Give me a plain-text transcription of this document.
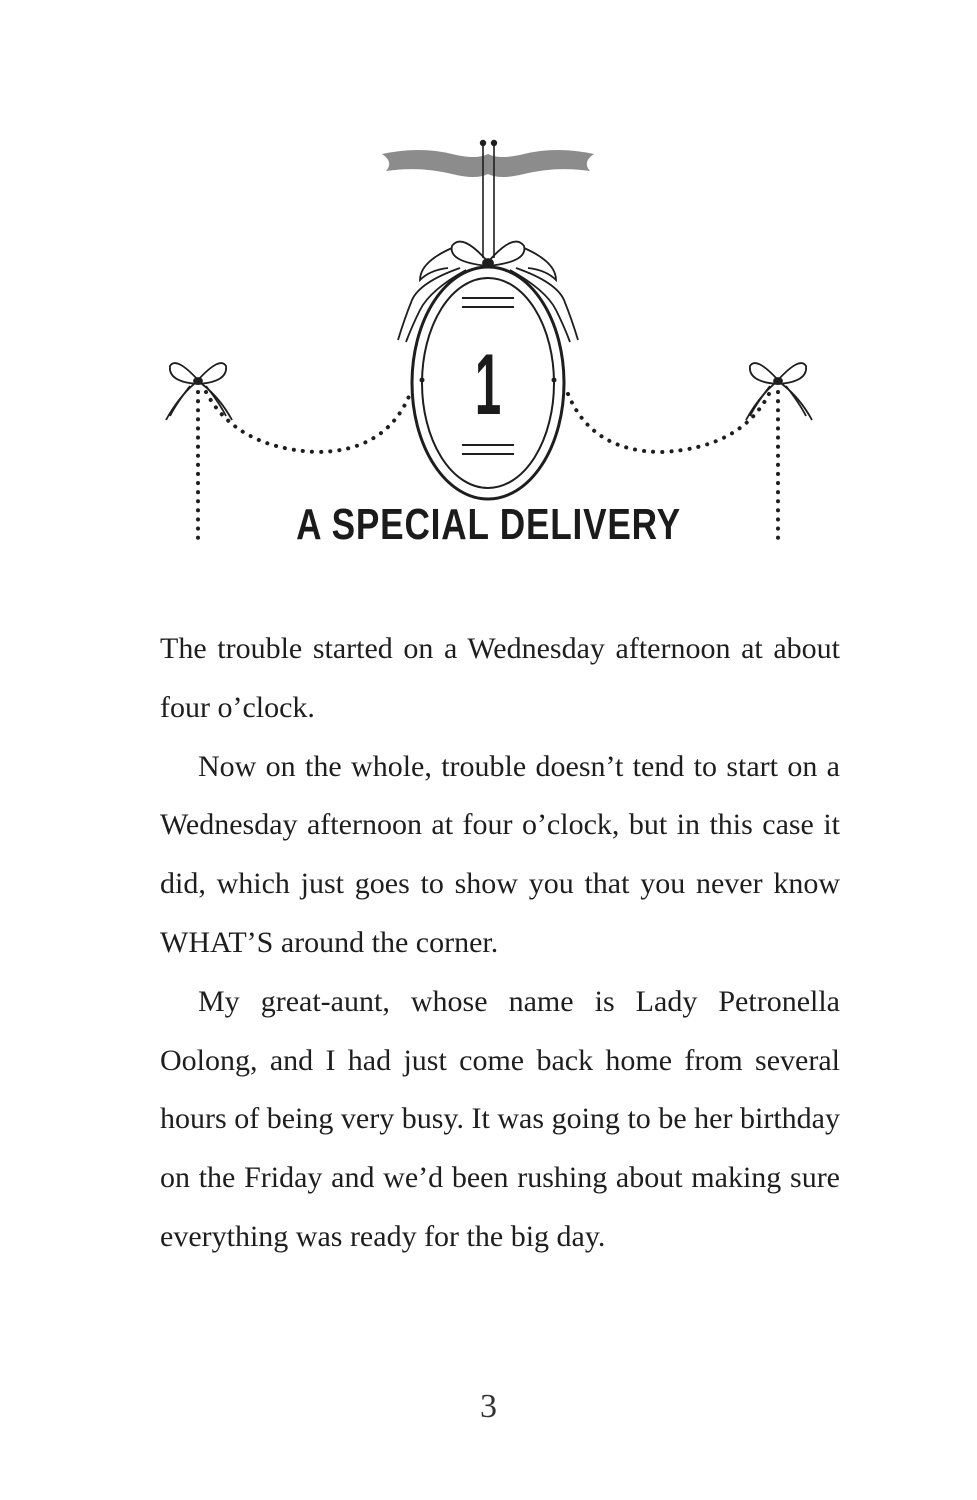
1
A SPECIAL DELIVERY

The trouble started on a Wednesday afternoon at about four o’clock.

Now on the whole, trouble doesn’t tend to start on a Wednesday afternoon at four o’clock, but in this case it did, which just goes to show you that you never know WHAT’S around the corner.

My great-aunt, whose name is Lady Petronella Oolong, and I had just come back home from several hours of being very busy. It was going to be her birthday on the Friday and we’d been rushing about making sure everything was ready for the big day.

3
